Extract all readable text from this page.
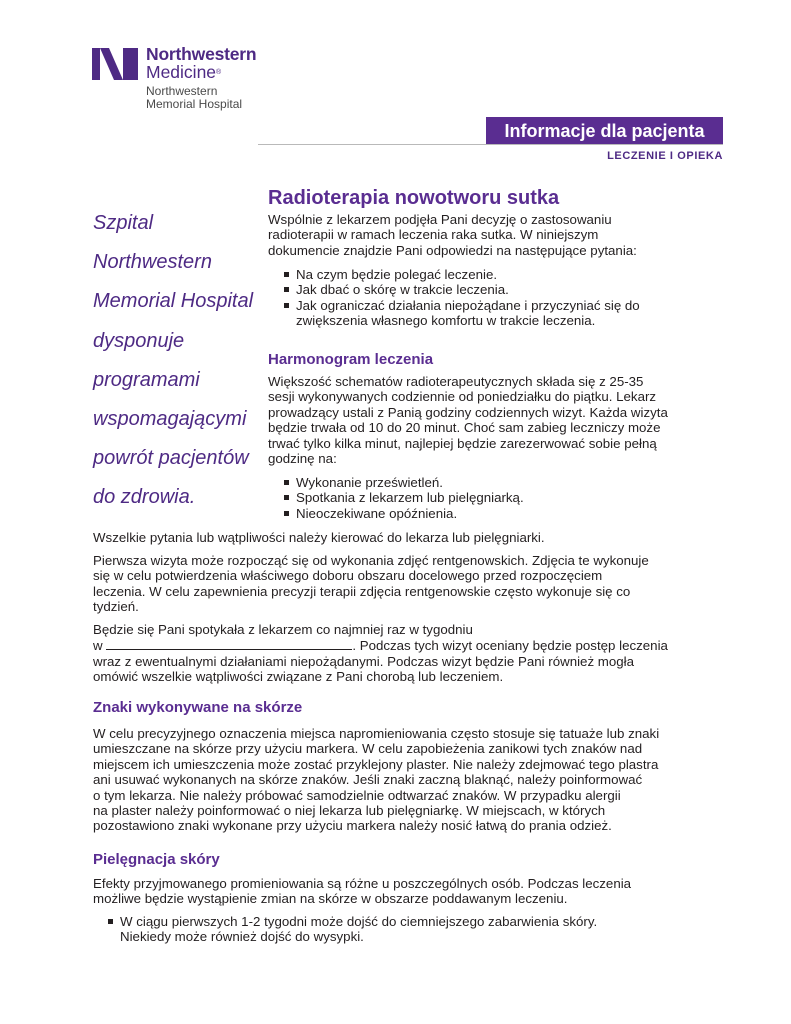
Northwestern
Medicine®
Northwestern
Memorial Hospital
Informacje dla pacjenta
LECZENIE I OPIEKA
Szpital
Northwestern
Memorial Hospital
dysponuje
programami
wspomagającymi
powrót pacjentów
do zdrowia.
Radioterapia nowotworu sutka
Wspólnie z lekarzem podjęła Pani decyzję o zastosowaniu
radioterapii w ramach leczenia raka sutka. W niniejszym
dokumencie znajdzie Pani odpowiedzi na następujące pytania:
Na czym będzie polegać leczenie.
Jak dbać o skórę w trakcie leczenia.
Jak ograniczać działania niepożądane i przyczyniać się do
zwiększenia własnego komfortu w trakcie leczenia.
Harmonogram leczenia
Większość schematów radioterapeutycznych składa się z 25-35
sesji wykonywanych codziennie od poniedziałku do piątku. Lekarz
prowadzący ustali z Panią godziny codziennych wizyt. Każda wizyta
będzie trwała od 10 do 20 minut. Choć sam zabieg leczniczy może
trwać tylko kilka minut, najlepiej będzie zarezerwować sobie pełną
godzinę na:
Wykonanie prześwietleń.
Spotkania z lekarzem lub pielęgniarką.
Nieoczekiwane opóźnienia.
Wszelkie pytania lub wątpliwości należy kierować do lekarza lub pielęgniarki.
Pierwsza wizyta może rozpocząć się od wykonania zdjęć rentgenowskich. Zdjęcia te wykonuje
się w celu potwierdzenia właściwego doboru obszaru docelowego przed rozpoczęciem
leczenia. W celu zapewnienia precyzji terapii zdjęcia rentgenowskie często wykonuje się co
tydzień.
Będzie się Pani spotykała z lekarzem co najmniej raz w tygodniu
w	. Podczas tych wizyt oceniany będzie postęp leczenia
wraz z ewentualnymi działaniami niepożądanymi. Podczas wizyt będzie Pani również mogła
omówić wszelkie wątpliwości związane z Pani chorobą lub leczeniem.
Znaki wykonywane na skórze
W celu precyzyjnego oznaczenia miejsca napromieniowania często stosuje się tatuaże lub znaki
umieszczane na skórze przy użyciu markera. W celu zapobieżenia zanikowi tych znaków nad
miejscem ich umieszczenia może zostać przyklejony plaster. Nie należy zdejmować tego plastra
ani usuwać wykonanych na skórze znaków. Jeśli znaki zaczną blaknąć, należy poinformować
o tym lekarza. Nie należy próbować samodzielnie odtwarzać znaków. W przypadku alergii
na plaster należy poinformować o niej lekarza lub pielęgniarkę. W miejscach, w których
pozostawiono znaki wykonane przy użyciu markera należy nosić łatwą do prania odzież.
Pielęgnacja skóry
Efekty przyjmowanego promieniowania są różne u poszczególnych osób. Podczas leczenia
możliwe będzie wystąpienie zmian na skórze w obszarze poddawanym leczeniu.
W ciągu pierwszych 1-2 tygodni może dojść do ciemniejszego zabarwienia skóry.
Niekiedy może również dojść do wysypki.
